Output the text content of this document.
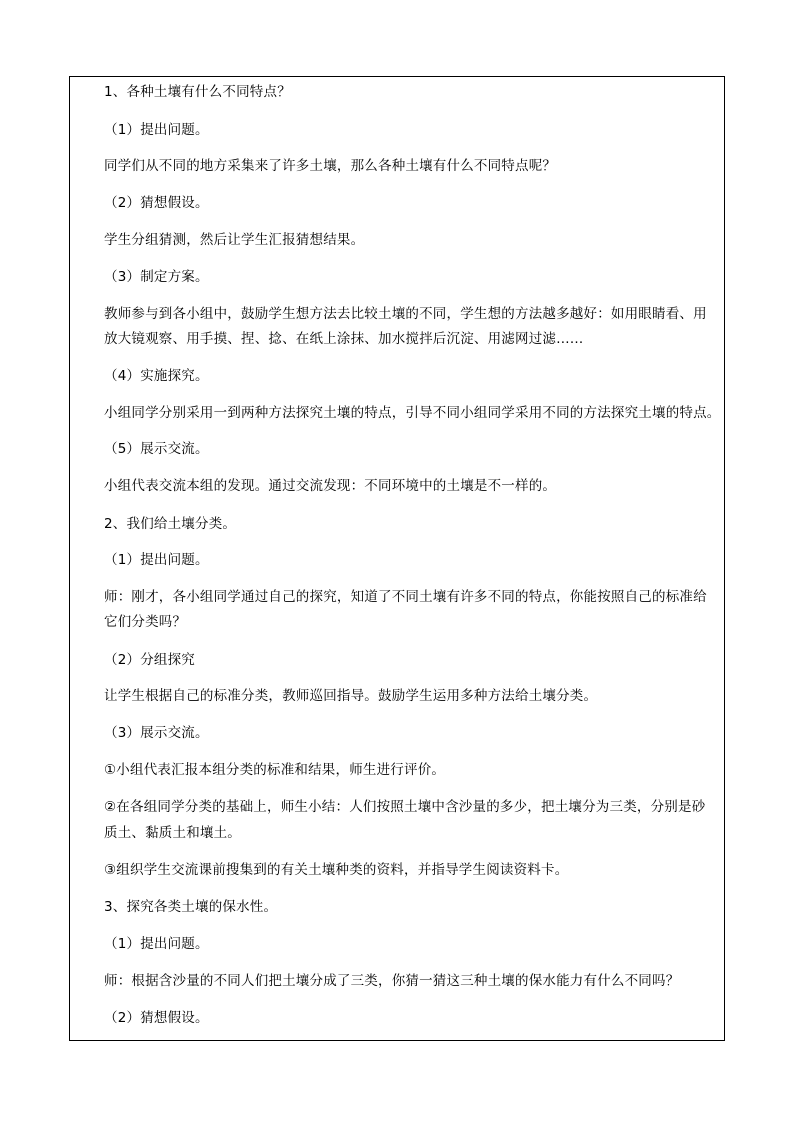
1、各种土壤有什么不同特点？

（1）提出问题。

同学们从不同的地方采集来了许多土壤，那么各种土壤有什么不同特点呢？

（2）猜想假设。

学生分组猜测，然后让学生汇报猜想结果。

（3）制定方案。

教师参与到各小组中，鼓励学生想方法去比较土壤的不同，学生想的方法越多越好：如用眼睛看、用

放大镜观察、用手摸、捏、捻、在纸上涂抹、加水搅拌后沉淀、用滤网过滤……

（4）实施探究。

小组同学分别采用一到两种方法探究土壤的特点，引导不同小组同学采用不同的方法探究土壤的特点。

（5）展示交流。

小组代表交流本组的发现。通过交流发现：不同环境中的土壤是不一样的。

2、我们给土壤分类。

（1）提出问题。

师：刚才，各小组同学通过自己的探究，知道了不同土壤有许多不同的特点，你能按照自己的标准给

它们分类吗？

（2）分组探究

让学生根据自己的标准分类，教师巡回指导。鼓励学生运用多种方法给土壤分类。

（3）展示交流。

①小组代表汇报本组分类的标准和结果，师生进行评价。

②在各组同学分类的基础上，师生小结：人们按照土壤中含沙量的多少，把土壤分为三类，分别是砂

质土、黏质土和壤土。

③组织学生交流课前搜集到的有关土壤种类的资料，并指导学生阅读资料卡。

3、探究各类土壤的保水性。

（1）提出问题。

师：根据含沙量的不同人们把土壤分成了三类，你猜一猜这三种土壤的保水能力有什么不同吗？

（2）猜想假设。
